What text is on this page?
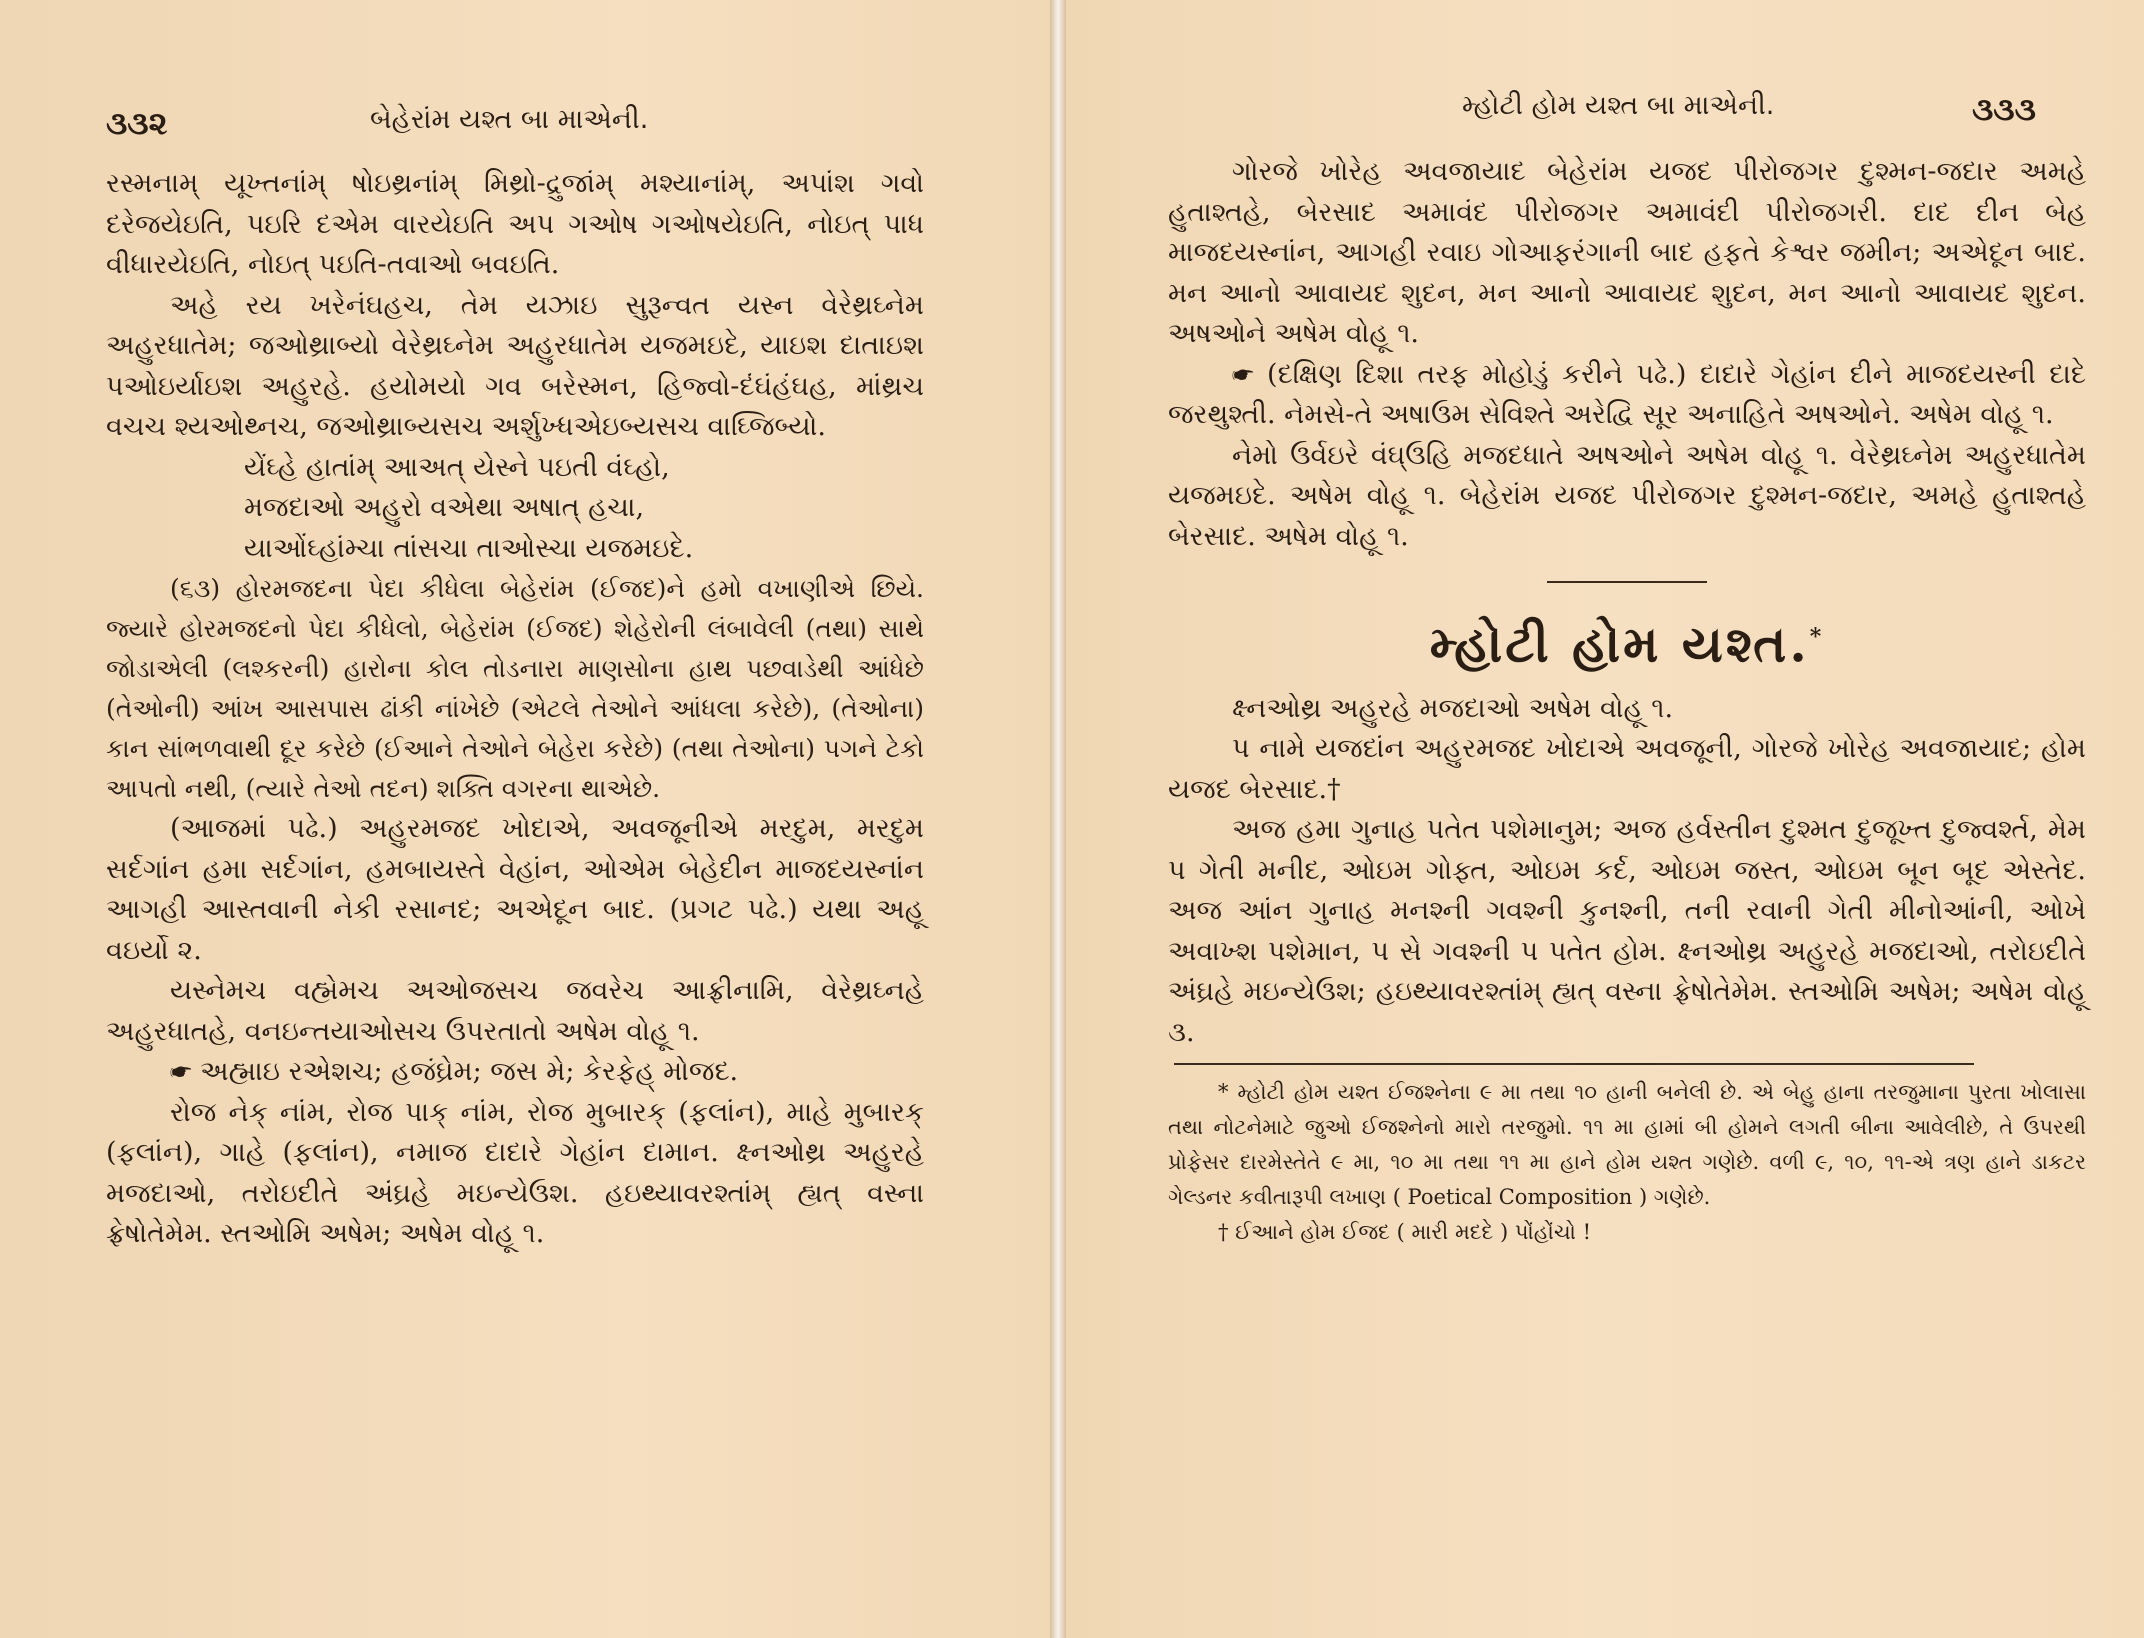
૩૩૨	બેહેરાંમ યશ્ત બા માએની.

રસ્મનામ્ યૂખ્તનાંમ્ ષોઇથ્રનાંમ્ મિથ્રો-દ્રુજાંમ્ મશ્યાનાંમ્, અપાંશ ગવો દરેજયેઇતિ, પઇરિ દએમ વારયેઇતિ અપ ગઓષ ગઓષયેઇતિ, નોઇત્ પાધ વીધારયેઇતિ, નોઇત્ પઇતિ-તવાઓ બવઇતિ.

અહે રય ખરેનંઘહચ, તેમ યઝાઇ સુરૂન્વત યસ્ન વેરેથ્રઘ્નેમ અહુરધાતેમ; જઓથ્રાબ્યો વેરેથ્રઘ્નેમ અહુરધાતેમ યજમઇદે, યાઇશ દાતાઇશ પઓઇર્યાઇશ અહુરહે. હયોમયો ગવ બરેસ્મન, હિજ્વો-દંઘંહંઘહ, માંથ્રચ વચચ શ્યઓથ્નચ, જઓથ્રાબ્યસચ અર્શુખ્ધએઇબ્યસચ વાઘ્જિબ્યો.

યેંઘ્હે હાતાંમ્ આઅત્ યેસ્ને પઇતી વંઘ્હો,

મજદાઓ અહુરો વએથા અષાત્ હચા,

યાઓંઘ્હાંમ્ચા તાંસચા તાઓસ્ચા યજમઇદે.

(૬૩) હોરમજદના પેદા કીધેલા બેહેરાંમ (ઈજદ)ને હમો વખાણીએ છિયે. જ્યારે હોરમજદનો પેદા કીધેલો, બેહેરાંમ (ઈજદ) શેહેરોની લંબાવેલી (તથા) સાથે જોડાએલી (લશ્કરની) હારોના કોલ તોડનારા માણસોના હાથ પછવાડેથી આંધેછે (તેઓની) આંખ આસપાસ ઢાંકી નાંખેછે (એટલે તેઓને આંધલા કરેછે), (તેઓના) કાન સાંભળવાથી દૂર કરેછે (ઈઆને તેઓને બેહેરા કરેછે) (તથા તેઓના) પગને ટેકો આપતો નથી, (ત્યારે તેઓ તદન) શક્તિ વગરના થાએછે.

(આજમાં પઢે.) અહુરમજદ ખોદાએ, અવજૂનીએ મરદુમ, મરદુમ સર્દગાંન હમા સર્દગાંન, હમબાયસ્તે વેહાંન, ઓએમ બેહેદીન માજદયસ્નાંન આગહી આસ્તવાની નેકી રસાનદ; અએદૂન બાદ. (પ્રગટ પઢે.) યથા અહૂ વઇર્યો ૨.

યસ્નેમચ વહ્મેમચ અઓજસચ જવરેચ આફ્રીનામિ, વેરેથ્રઘ્નહે અહુરધાતહે, વનઇન્તયાઓસચ ઉપરતાતો અષેમ વોહૂ ૧.

☛ અહ્માઇ રએશચ; હજંઘ્રેમ; જસ મે; કેરફેહ્ મોજદ.

રોજ નેક્ નાંમ, રોજ પાક્ નાંમ, રોજ મુબારક્ (ફલાંન), માહે મુબારક્ (ફલાંન), ગાહે (ફલાંન), નમાજ દાદારે ગેહાંન દામાન. ક્ષ્નઓથ્ર અહુરહે મજદાઓ, તરોઇદીતે અંઘ્રહે મઇન્યેઉશ. હઇથ્યાવરશ્તાંમ્ હ્યત્ વસ્ના ફ્રેષોતેમેમ. સ્તઓમિ અષેમ; અષેમ વોહૂ ૧.

મ્હોટી હોમ યશ્ત બા માએની.	૩૩૩

ગોરજે ખોરેહ અવજાયાદ બેહેરાંમ યજદ પીરોજગર દુશ્મન-જદાર અમહે હુતાશ્તહે, બેરસાદ અમાવંદ પીરોજગર અમાવંદી પીરોજગરી. દાદ દીન બેહ માજદયસ્નાંન, આગહી રવાઇ ગોઆફરંગાની બાદ હફતે કેશ્વર જમીન; અએદૂન બાદ. મન આનો આવાયદ શુદન, મન આનો આવાયદ શુદન, મન આનો આવાયદ શુદન. અષઓને અષેમ વોહૂ ૧.

☛ (દક્ષિણ દિશા તરફ મોહોડું કરીને પઢે.) દાદારે ગેહાંન દીને માજદયસ્ની દાદે જરથુશ્તી. નેમસે-તે અષાઉમ સેવિશ્તે અરેદ્વિ સૂર અનાહિતે અષઓને. અષેમ વોહૂ ૧.

નેમો ઉર્વઇરે વંઘ્ઉહિ મજદધાતે અષઓને અષેમ વોહૂ ૧. વેરેથ્રઘ્નેમ અહુરધાતેમ યજમઇદે. અષેમ વોહૂ ૧. બેહેરાંમ યજદ પીરોજગર દુશ્મન-જદાર, અમહે હુતાશ્તહે બેરસાદ. અષેમ વોહૂ ૧.

મ્હોટી હોમ યશ્ત.*

ક્ષ્નઓથ્ર અહુરહે મજદાઓ અષેમ વોહૂ ૧.

પ નામે યજદાંન અહુરમજદ ખોદાએ અવજૂની, ગોરજે ખોરેહ અવજાયાદ; હોમ યજદ બેરસાદ.†

અજ હમા ગુનાહ પતેત પશેમાનુમ; અજ હર્વસ્તીન દુશ્મત દુજૂખ્ત દુજ્વર્શ્ત, મેમ પ ગેતી મનીદ, ઓઇમ ગોફ્ત, ઓઇમ કર્દ, ઓઇમ જસ્ત, ઓઇમ બૂન બૂદ એસ્તેદ. અજ આંન ગુનાહ મનશ્ની ગવશ્ની કુનશ્ની, તની રવાની ગેતી મીનોઆંની, ઓખે અવાખ્શ પશેમાન, પ સે ગવશ્ની પ પતેત હોમ. ક્ષ્નઓથ્ર અહુરહે મજદાઓ, તરોઇદીતે અંઘ્રહે મઇન્યેઉશ; હઇથ્યાવરશ્તાંમ્ હ્યત્ વસ્ના ફ્રેષોતેમેમ. સ્તઓમિ અષેમ; અષેમ વોહૂ ૩.

* મ્હોટી હોમ યશ્ત ઈજશ્નેના ૯ મા તથા ૧૦ હાની બનેલી છે. એ બેહુ હાના તરજુમાના પુરતા ખોલાસા તથા નોટનેમાટે જુઓ ઈજશ્નેનો મારો તરજુમો. ૧૧ મા હામાં બી હોમને લગતી બીના આવેલીછે, તે ઉપરથી પ્રોફેસર દારમેસ્તેતે ૯ મા, ૧૦ મા તથા ૧૧ મા હાને હોમ યશ્ત ગણેછે. વળી ૯, ૧૦, ૧૧-એ ત્રણ હાને ડાકટર ગેલ્ડનર કવીતારૂપી લખાણ ( Poetical Composition ) ગણેછે.

† ઈઆને હોમ ઈજદ ( મારી મદદે ) પોંહોંચો !
